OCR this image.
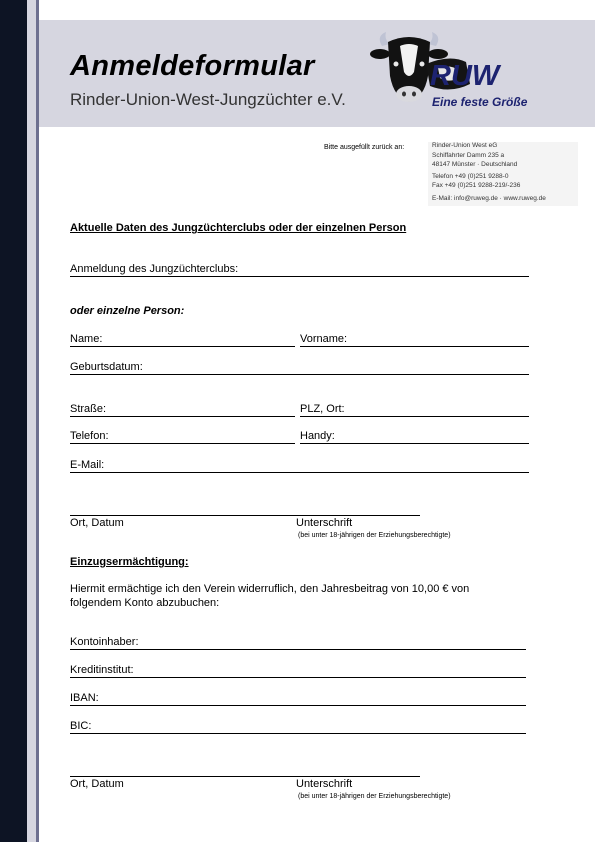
Anmeldeformular
Rinder-Union-West-Jungzüchter e.V.
RUW
Eine feste Größe
Bitte ausgefüllt zurück an:	Rinder-Union West eG
Schiffahrter Damm 235 a
48147 Münster · Deutschland
Telefon +49 (0)251 9288-0
Fax +49 (0)251 9288-219/-236
E-Mail: info@ruweg.de · www.ruweg.de
Aktuelle Daten des Jungzüchterclubs oder der einzelnen Person
Anmeldung des Jungzüchterclubs:
oder einzelne Person:
Name:	Vorname:
Geburtsdatum:
Straße:	PLZ, Ort:
Telefon:	Handy:
E-Mail:
Ort, Datum	Unterschrift
(bei unter 18-jährigen der Erziehungsberechtigte)
Einzugsermächtigung:
Hiermit ermächtige ich den Verein widerruflich, den Jahresbeitrag von 10,00 € von
folgendem Konto abzubuchen:
Kontoinhaber:
Kreditinstitut:
IBAN:
BIC:
Ort, Datum	Unterschrift
(bei unter 18-jährigen der Erziehungsberechtigte)
